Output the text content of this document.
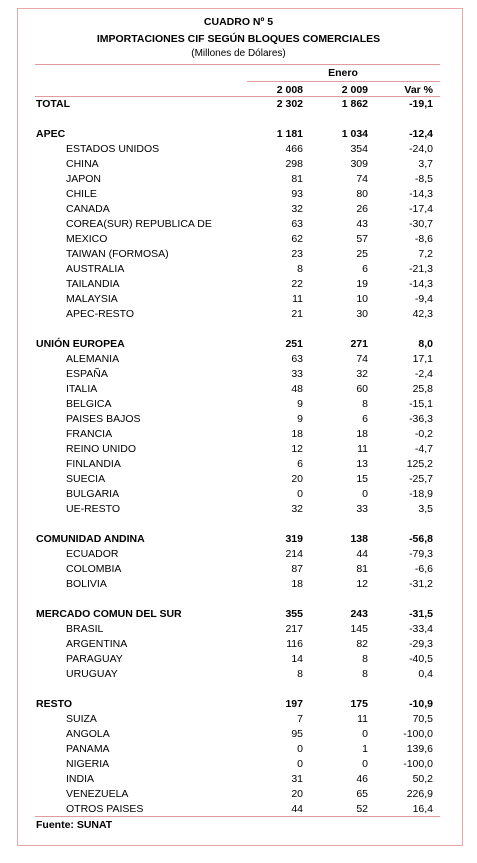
CUADRO Nº 5
IMPORTACIONES CIF SEGÚN BLOQUES COMERCIALES
(Millones de Dólares)
Enero
2 008	2 009	Var %
TOTAL	2 302	1 862	-19,1
APEC	1 181	1 034	-12,4
ESTADOS UNIDOS	466	354	-24,0
CHINA	298	309	3,7
JAPON	81	74	-8,5
CHILE	93	80	-14,3
CANADA	32	26	-17,4
COREA(SUR) REPUBLICA DE	63	43	-30,7
MEXICO	62	57	-8,6
TAIWAN (FORMOSA)	23	25	7,2
AUSTRALIA	8	6	-21,3
TAILANDIA	22	19	-14,3
MALAYSIA	11	10	-9,4
APEC-RESTO	21	30	42,3
UNIÓN EUROPEA	251	271	8,0
ALEMANIA	63	74	17,1
ESPAÑA	33	32	-2,4
ITALIA	48	60	25,8
BELGICA	9	8	-15,1
PAISES BAJOS	9	6	-36,3
FRANCIA	18	18	-0,2
REINO UNIDO	12	11	-4,7
FINLANDIA	6	13	125,2
SUECIA	20	15	-25,7
BULGARIA	0	0	-18,9
UE-RESTO	32	33	3,5
COMUNIDAD ANDINA	319	138	-56,8
ECUADOR	214	44	-79,3
COLOMBIA	87	81	-6,6
BOLIVIA	18	12	-31,2
MERCADO COMUN DEL SUR	355	243	-31,5
BRASIL	217	145	-33,4
ARGENTINA	116	82	-29,3
PARAGUAY	14	8	-40,5
URUGUAY	8	8	0,4
RESTO	197	175	-10,9
SUIZA	7	11	70,5
ANGOLA	95	0	-100,0
PANAMA	0	1	139,6
NIGERIA	0	0	-100,0
INDIA	31	46	50,2
VENEZUELA	20	65	226,9
OTROS PAISES	44	52	16,4
Fuente: SUNAT
